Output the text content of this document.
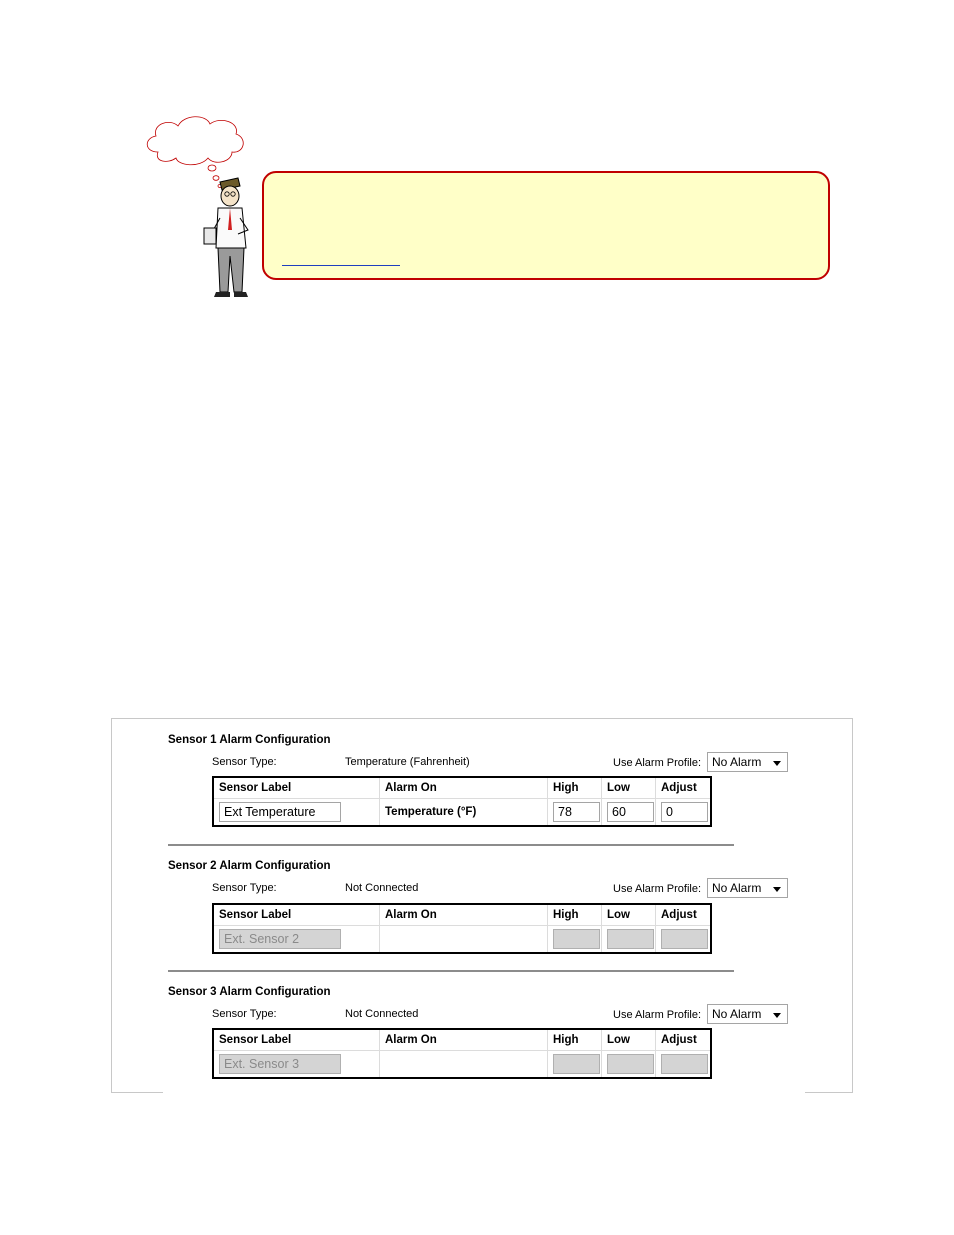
Sensor 1 Alarm Configuration
Sensor Type:	Temperature (Fahrenheit)	Use Alarm Profile: No Alarm
Sensor Label	Alarm On	High	Low	Adjust
Ext Temperature	Temperature (°F)	78	60	0
Sensor 2 Alarm Configuration
Sensor Type:	Not Connected	Use Alarm Profile: No Alarm
Sensor Label	Alarm On	High	Low	Adjust
Ext. Sensor 2				
Sensor 3 Alarm Configuration
Sensor Type:	Not Connected	Use Alarm Profile: No Alarm
Sensor Label	Alarm On	High	Low	Adjust
Ext. Sensor 3				
